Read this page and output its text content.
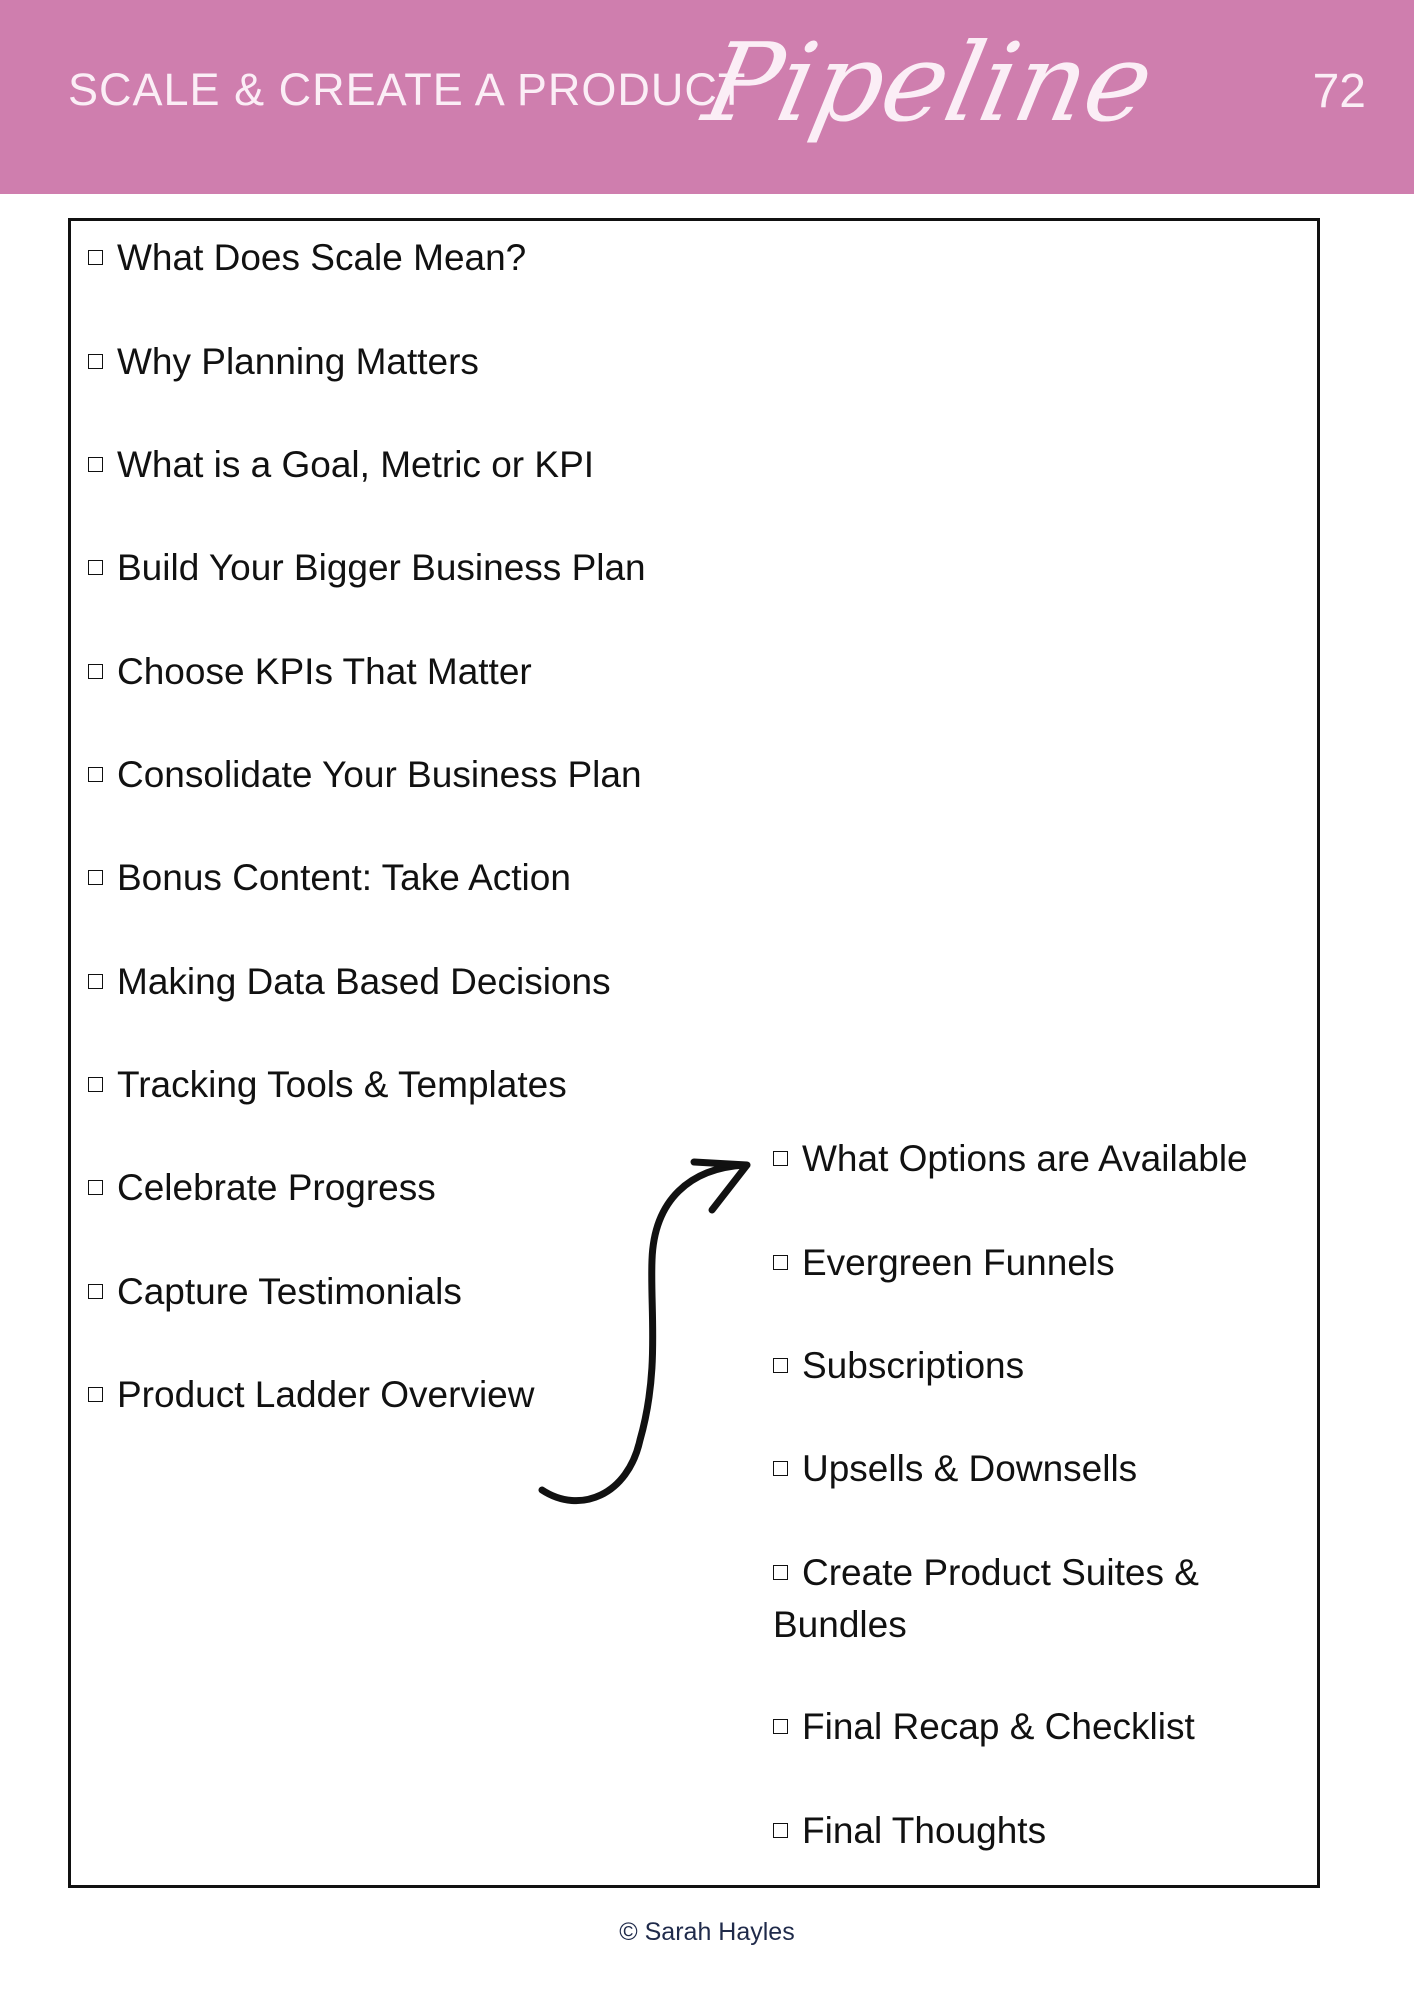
SCALE & CREATE A PRODUCT
Pipeline	72
What Does Scale Mean?
Why Planning Matters
What is a Goal, Metric or KPI
Build Your Bigger Business Plan
Choose KPIs That Matter
Consolidate Your Business Plan
Bonus Content: Take Action
Making Data Based Decisions
Tracking Tools & Templates
Celebrate Progress
Capture Testimonials
Product Ladder Overview
What Options are Available
Evergreen Funnels
Subscriptions
Upsells & Downsells
Create Product Suites & Bundles
Final Recap & Checklist
Final Thoughts
© Sarah Hayles
